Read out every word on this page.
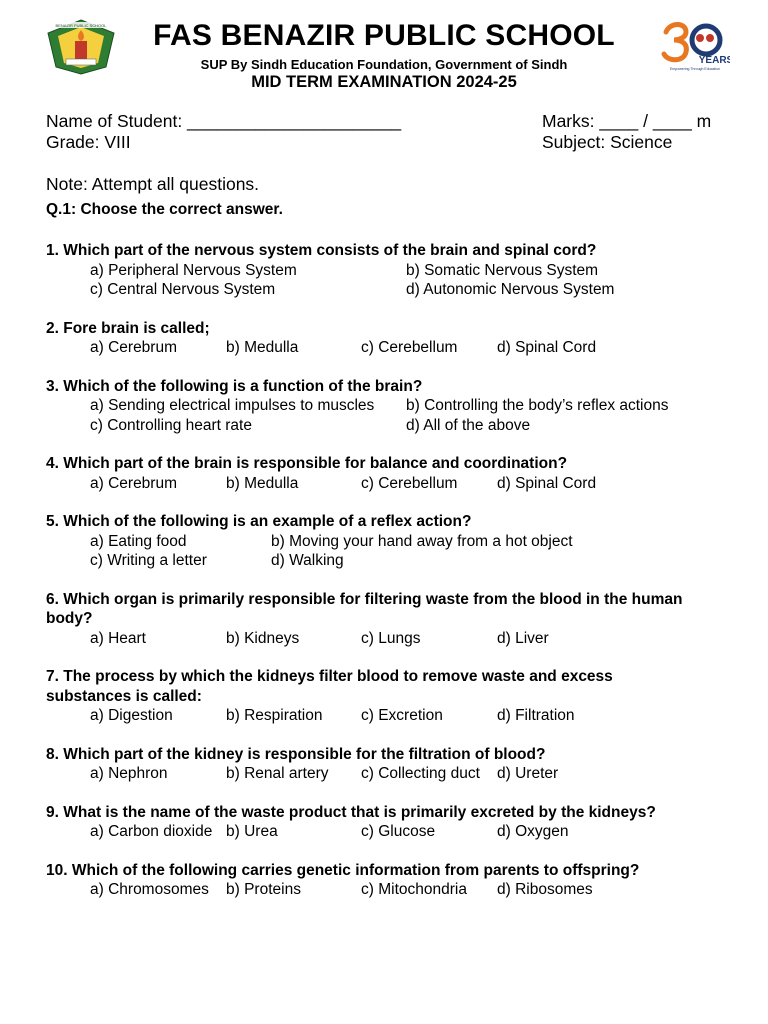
BENAZIR PUBLIC SCHOOL
YEARS
Empowering Through Education
FAS BENAZIR PUBLIC SCHOOL
SUP By Sindh Education Foundation, Government of Sindh
MID TERM EXAMINATION 2024-25
Name of Student: ______________________	Marks: ____ / ____ m
Grade: VIII	Subject: Science
Note: Attempt all questions.
Q.1: Choose the correct answer.
1. Which part of the nervous system consists of the brain and spinal cord?
a) Peripheral Nervous System	b) Somatic Nervous System
c) Central Nervous System	d) Autonomic Nervous System
2. Fore brain is called;
a) Cerebrum	b) Medulla	c) Cerebellum	d) Spinal Cord
3. Which of the following is a function of the brain?
a) Sending electrical impulses to muscles b) Controlling the body’s reflex actions
c) Controlling heart rate	d) All of the above
4. Which part of the brain is responsible for balance and coordination?
a) Cerebrum	b) Medulla	c) Cerebellum	d) Spinal Cord
5. Which of the following is an example of a reflex action?
a) Eating food	b) Moving your hand away from a hot object
c) Writing a letter	d) Walking
6. Which organ is primarily responsible for filtering waste from the blood in the human
body?
a) Heart	b) Kidneys	c) Lungs	d) Liver
7. The process by which the kidneys filter blood to remove waste and excess
substances is called:
a) Digestion	b) Respiration c) Excretion	d) Filtration
8. Which part of the kidney is responsible for the filtration of blood?
a) Nephron	b) Renal artery c) Collecting duct d) Ureter
9. What is the name of the waste product that is primarily excreted by the kidneys?
a) Carbon dioxide b) Urea	c) Glucose	d) Oxygen
10. Which of the following carries genetic information from parents to offspring?
a) Chromosomes b) Proteins	c) Mitochondria d) Ribosomes
